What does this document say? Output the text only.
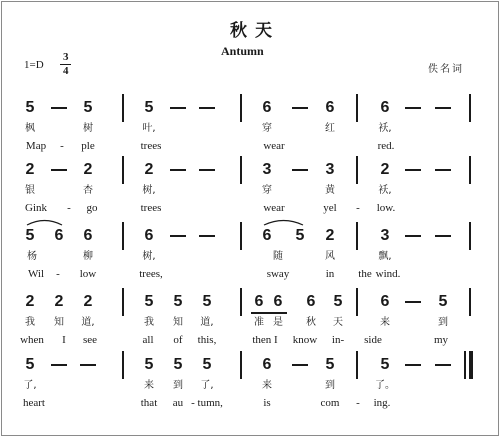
秋天
Antumn
1=D
3
4	佚名词
5	5	5	6	6	6
枫	树	叶,	穿	红	袄,
Map - ple	trees	wear	red.
2	2	2	3	3	2
银	杏	树,	穿	黄	袄,
Gink - go	trees	wear	yel - low.
5 6 6	6	6 5 2	3
杨	柳	树,	随	风	飘,
Wil - low	trees,	sway	in the wind.
2 2 2	5 5 5	6 6 6 5 6	5
我 知 道,	我 知 道,	准 是 秋 天	来	到
when I see	all of this,	then I know in- side	my
5	5 5 5	6	5	5
了,	来 到 了,	来	到	了。
heart	that au - tumn,	is	com - ing.
